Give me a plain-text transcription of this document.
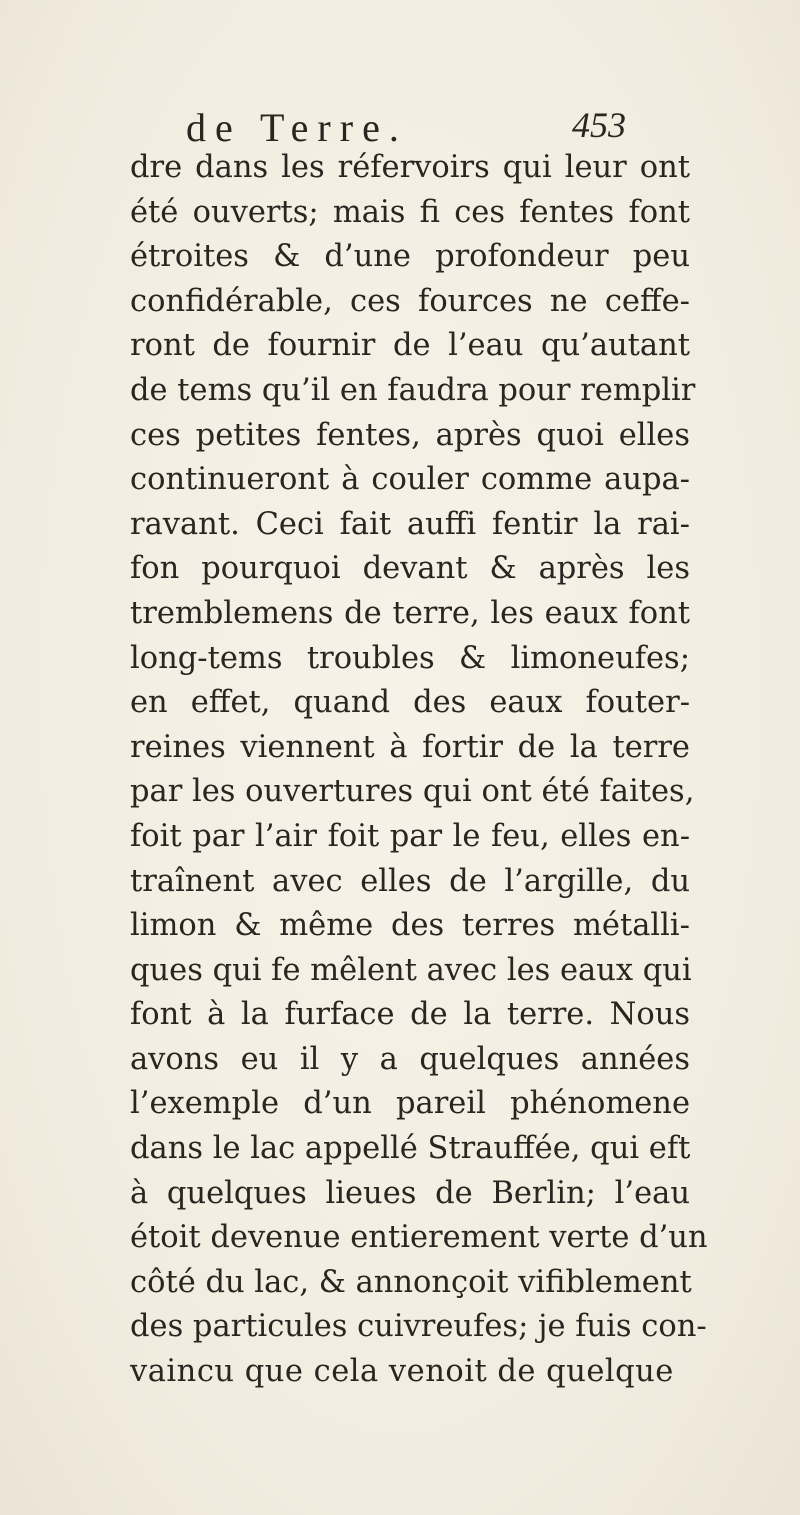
de Terre.	453
dre dans les réfervoirs qui leur ont
été ouverts; mais fi ces fentes font
étroites & d’une profondeur peu
confidérable, ces fources ne ceffe-
ront de fournir de l’eau qu’autant
de tems qu’il en faudra pour remplir
ces petites fentes, après quoi elles
continueront à couler comme aupa-
ravant. Ceci fait auffi fentir la rai-
fon pourquoi devant & après les
tremblemens de terre, les eaux font
long-tems troubles & limoneufes;
en effet, quand des eaux fouter-
reines viennent à fortir de la terre
par les ouvertures qui ont été faites,
foit par l’air foit par le feu, elles en-
traînent avec elles de l’argille, du
limon & même des terres métalli-
ques qui fe mêlent avec les eaux qui
font à la furface de la terre. Nous
avons eu il y a quelques années
l’exemple d’un pareil phénomene
dans le lac appellé Strauffée, qui eft
à quelques lieues de Berlin; l’eau
étoit devenue entierement verte d’un
côté du lac, & annonçoit vifiblement
des particules cuivreufes; je fuis con-
vaincu que cela venoit de quelque
